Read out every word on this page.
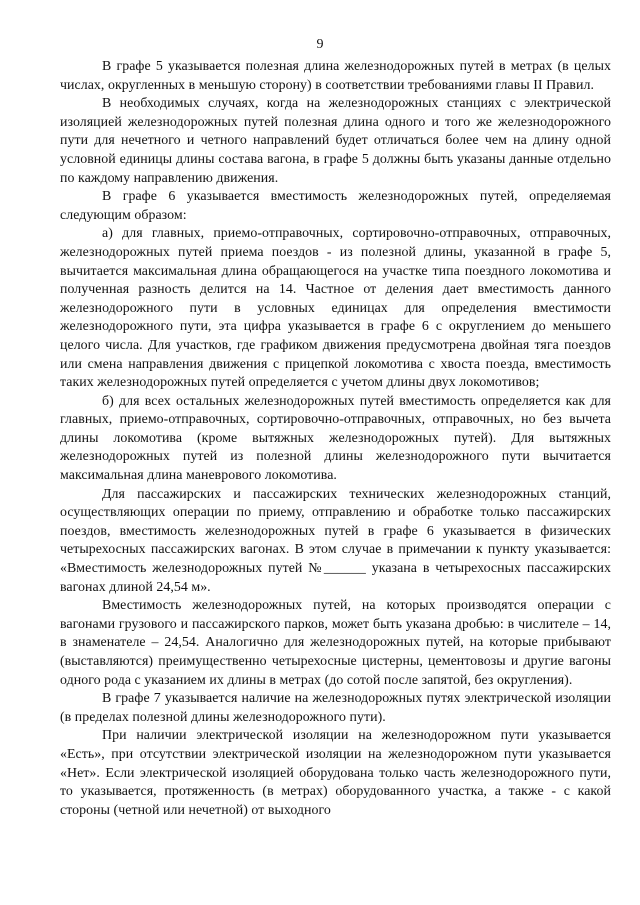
9

В графе 5 указывается полезная длина железнодорожных путей в метрах (в целых числах, округленных в меньшую сторону) в соответствии требованиями главы II Правил.

В необходимых случаях, когда на железнодорожных станциях с электрической изоляцией железнодорожных путей полезная длина одного и того же железнодорожного пути для нечетного и четного направлений будет отличаться более чем на длину одной условной единицы длины состава вагона, в графе 5 должны быть указаны данные отдельно по каждому направлению движения.

В графе 6 указывается вместимость железнодорожных путей, определяемая следующим образом:

а) для главных, приемо-отправочных, сортировочно-отправочных, отправочных, железнодорожных путей приема поездов - из полезной длины, указанной в графе 5, вычитается максимальная длина обращающегося на участке типа поездного локомотива и полученная разность делится на 14. Частное от деления дает вместимость данного железнодорожного пути в условных единицах для определения вместимости железнодорожного пути, эта цифра указывается в графе 6 с округлением до меньшего целого числа. Для участков, где графиком движения предусмотрена двойная тяга поездов или смена направления движения с прицепкой локомотива с хвоста поезда, вместимость таких железнодорожных путей определяется с учетом длины двух локомотивов;

б) для всех остальных железнодорожных путей вместимость определяется как для главных, приемо-отправочных, сортировочно-отправочных, отправочных, но без вычета длины локомотива (кроме вытяжных железнодорожных путей). Для вытяжных железнодорожных путей из полезной длины железнодорожного пути вычитается максимальная длина маневрового локомотива.

Для пассажирских и пассажирских технических железнодорожных станций, осуществляющих операции по приему, отправлению и обработке только пассажирских поездов, вместимость железнодорожных путей в графе 6 указывается в физических четырехосных пассажирских вагонах. В этом случае в примечании к пункту указывается: «Вместимость железнодорожных путей №______ указана в четырехосных пассажирских вагонах длиной 24,54 м».

Вместимость железнодорожных путей, на которых производятся операции с вагонами грузового и пассажирского парков, может быть указана дробью: в числителе – 14, в знаменателе – 24,54. Аналогично для железнодорожных путей, на которые прибывают (выставляются) преимущественно четырехосные цистерны, цементовозы и другие вагоны одного рода с указанием их длины в метрах (до сотой после запятой, без округления).

В графе 7 указывается наличие на железнодорожных путях электрической изоляции (в пределах полезной длины железнодорожного пути).

При наличии электрической изоляции на железнодорожном пути указывается «Есть», при отсутствии электрической изоляции на железнодорожном пути указывается «Нет». Если электрической изоляцией оборудована только часть железнодорожного пути, то указывается, протяженность (в метрах) оборудованного участка, а также - с какой стороны (четной или нечетной) от выходного
